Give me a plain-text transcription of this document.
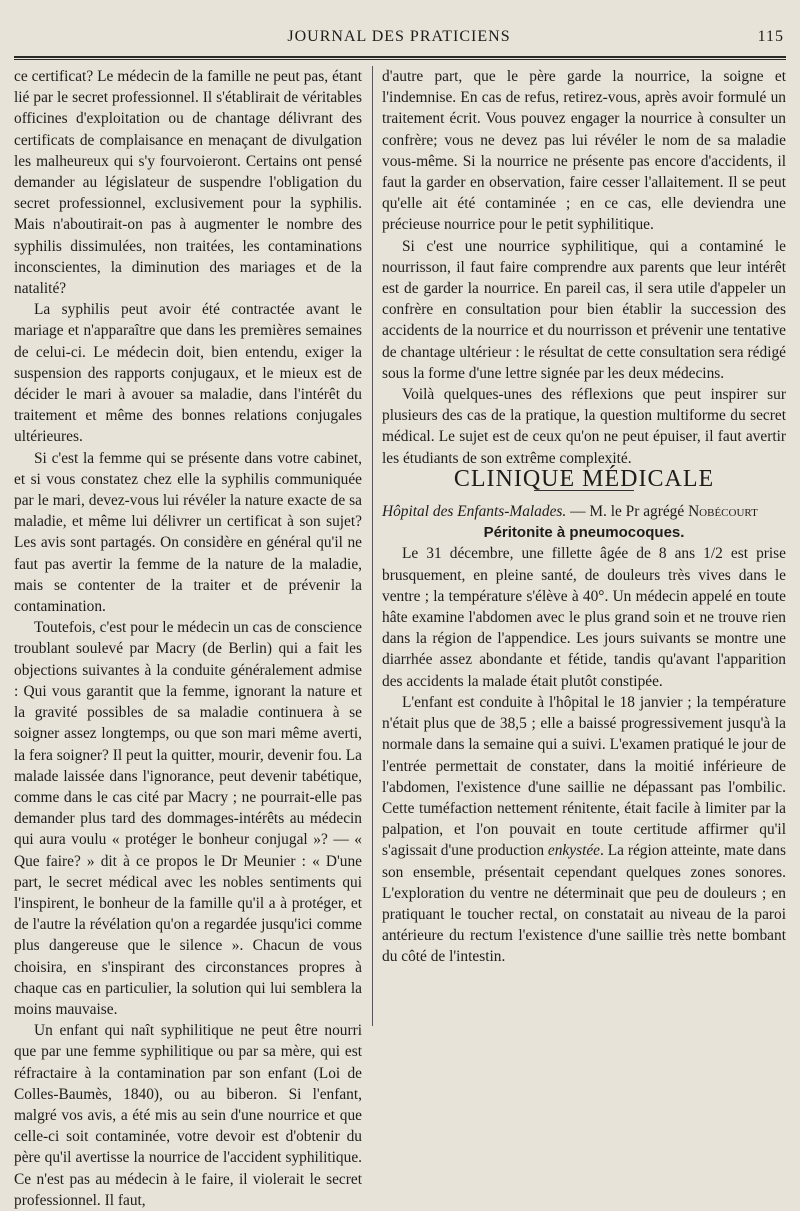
JOURNAL DES PRATICIENS	115

ce certificat? Le médecin de la famille ne peut pas, étant lié par le secret professionnel. Il s'établirait de véritables officines d'exploitation ou de chantage délivrant des certificats de complaisance en menaçant de divulgation les malheureux qui s'y fourvoieront. Certains ont pensé demander au législateur de suspendre l'obligation du secret professionnel, exclusivement pour la syphilis. Mais n'aboutirait-on pas à augmenter le nombre des syphilis dissimulées, non traitées, les contaminations inconscientes, la diminution des mariages et de la natalité?

La syphilis peut avoir été contractée avant le mariage et n'apparaître que dans les premières semaines de celui-ci. Le médecin doit, bien entendu, exiger la suspension des rapports conjugaux, et le mieux est de décider le mari à avouer sa maladie, dans l'intérêt du traitement et même des bonnes relations conjugales ultérieures.

Si c'est la femme qui se présente dans votre cabinet, et si vous constatez chez elle la syphilis communiquée par le mari, devez-vous lui révéler la nature exacte de sa maladie, et même lui délivrer un certificat à son sujet? Les avis sont partagés. On considère en général qu'il ne faut pas avertir la femme de la nature de la maladie, mais se contenter de la traiter et de prévenir la contamination.

Toutefois, c'est pour le médecin un cas de conscience troublant soulevé par Macry (de Berlin) qui a fait les objections suivantes à la conduite généralement admise : Qui vous garantit que la femme, ignorant la nature et la gravité possibles de sa maladie continuera à se soigner assez longtemps, ou que son mari même averti, la fera soigner? Il peut la quitter, mourir, devenir fou. La malade laissée dans l'ignorance, peut devenir tabétique, comme dans le cas cité par Macry ; ne pourrait-elle pas demander plus tard des dommages-intérêts au médecin qui aura voulu « protéger le bonheur conjugal »? — « Que faire? » dit à ce propos le Dr Meunier : « D'une part, le secret médical avec les nobles sentiments qui l'inspirent, le bonheur de la famille qu'il a à protéger, et de l'autre la révélation qu'on a regardée jusqu'ici comme plus dangereuse que le silence ». Chacun de vous choisira, en s'inspirant des circonstances propres à chaque cas en particulier, la solution qui lui semblera la moins mauvaise.

Un enfant qui naît syphilitique ne peut être nourri que par une femme syphilitique ou par sa mère, qui est réfractaire à la contamination par son enfant (Loi de Colles-Baumès, 1840), ou au biberon. Si l'enfant, malgré vos avis, a été mis au sein d'une nourrice et que celle-ci soit contaminée, votre devoir est d'obtenir du père qu'il avertisse la nourrice de l'accident syphilitique. Ce n'est pas au médecin à le faire, il violerait le secret professionnel. Il faut,

d'autre part, que le père garde la nourrice, la soigne et l'indemnise. En cas de refus, retirez-vous, après avoir formulé un traitement écrit. Vous pouvez engager la nourrice à consulter un confrère; vous ne devez pas lui révéler le nom de sa maladie vous-même. Si la nourrice ne présente pas encore d'accidents, il faut la garder en observation, faire cesser l'allaitement. Il se peut qu'elle ait été contaminée ; en ce cas, elle deviendra une précieuse nourrice pour le petit syphilitique.

Si c'est une nourrice syphilitique, qui a contaminé le nourrisson, il faut faire comprendre aux parents que leur intérêt est de garder la nourrice. En pareil cas, il sera utile d'appeler un confrère en consultation pour bien établir la succession des accidents de la nourrice et du nourrisson et prévenir une tentative de chantage ultérieur : le résultat de cette consultation sera rédigé sous la forme d'une lettre signée par les deux médecins.

Voilà quelques-unes des réflexions que peut inspirer sur plusieurs des cas de la pratique, la question multiforme du secret médical. Le sujet est de ceux qu'on ne peut épuiser, il faut avertir les étudiants de son extrême complexité.

CLINIQUE MÉDICALE

Hôpital des Enfants-Malades. — M. le Pr agrégé Nobécourt

Péritonite à pneumocoques.

Le 31 décembre, une fillette âgée de 8 ans 1/2 est prise brusquement, en pleine santé, de douleurs très vives dans le ventre ; la température s'élève à 40°. Un médecin appelé en toute hâte examine l'abdomen avec le plus grand soin et ne trouve rien dans la région de l'appendice. Les jours suivants se montre une diarrhée assez abondante et fétide, tandis qu'avant l'apparition des accidents la malade était plutôt constipée.

L'enfant est conduite à l'hôpital le 18 janvier ; la température n'était plus que de 38,5 ; elle a baissé progressivement jusqu'à la normale dans la semaine qui a suivi. L'examen pratiqué le jour de l'entrée permettait de constater, dans la moitié inférieure de l'abdomen, l'existence d'une saillie ne dépassant pas l'ombilic. Cette tuméfaction nettement rénitente, était facile à limiter par la palpation, et l'on pouvait en toute certitude affirmer qu'il s'agissait d'une production enkystée. La région atteinte, mate dans son ensemble, présentait cependant quelques zones sonores. L'exploration du ventre ne déterminait que peu de douleurs ; en pratiquant le toucher rectal, on constatait au niveau de la paroi antérieure du rectum l'existence d'une saillie très nette bombant du côté de l'intestin.
